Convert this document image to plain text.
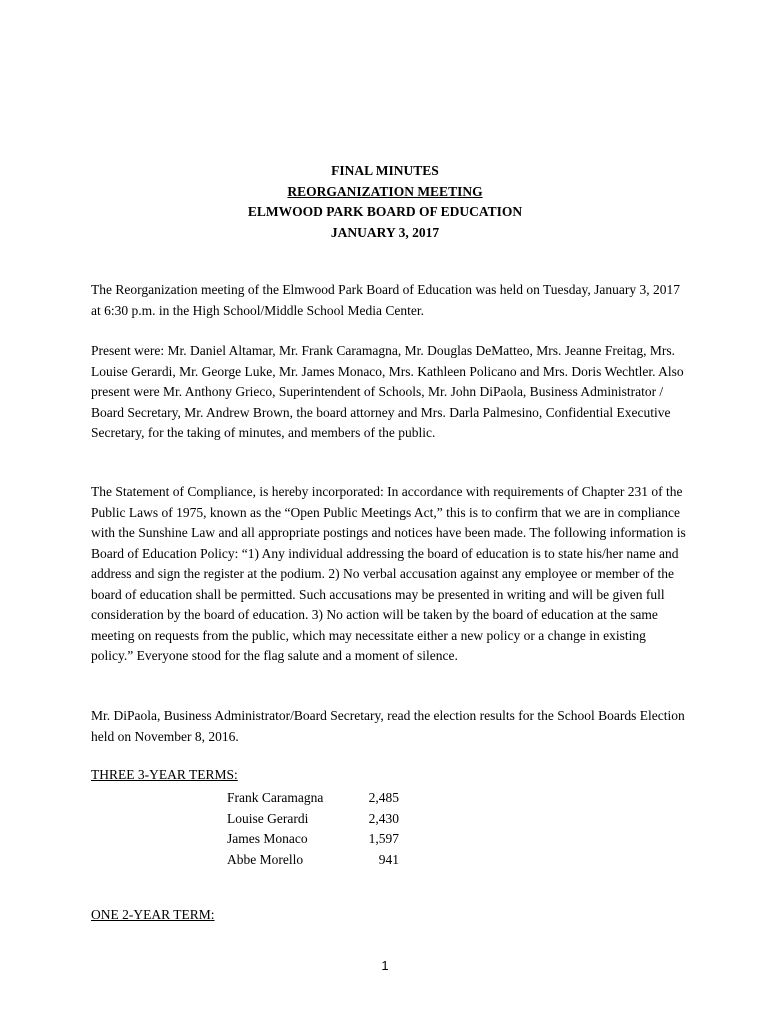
FINAL MINUTES
REORGANIZATION MEETING
ELMWOOD PARK BOARD OF EDUCATION
JANUARY 3, 2017

The Reorganization meeting of the Elmwood Park Board of Education was held on Tuesday, January 3, 2017 at 6:30 p.m. in the High School/Middle School Media Center.

Present were: Mr. Daniel Altamar, Mr. Frank Caramagna, Mr. Douglas DeMatteo, Mrs. Jeanne Freitag, Mrs. Louise Gerardi, Mr. George Luke, Mr. James Monaco, Mrs. Kathleen Policano and Mrs. Doris Wechtler. Also present were Mr. Anthony Grieco, Superintendent of Schools, Mr. John DiPaola, Business Administrator / Board Secretary, Mr. Andrew Brown, the board attorney and Mrs. Darla Palmesino, Confidential Executive Secretary, for the taking of minutes, and members of the public.

The Statement of Compliance, is hereby incorporated: In accordance with requirements of Chapter 231 of the Public Laws of 1975, known as the “Open Public Meetings Act,” this is to confirm that we are in compliance with the Sunshine Law and all appropriate postings and notices have been made. The following information is Board of Education Policy: “1) Any individual addressing the board of education is to state his/her name and address and sign the register at the podium. 2) No verbal accusation against any employee or member of the board of education shall be permitted. Such accusations may be presented in writing and will be given full consideration by the board of education. 3) No action will be taken by the board of education at the same meeting on requests from the public, which may necessitate either a new policy or a change in existing policy.” Everyone stood for the flag salute and a moment of silence.

Mr. DiPaola, Business Administrator/Board Secretary, read the election results for the School Boards Election held on November 8, 2016.

THREE 3-YEAR TERMS:
Frank Caramagna	2,485
Louise Gerardi	2,430
James Monaco	1,597
Abbe Morello	941
ONE 2-YEAR TERM:
1
